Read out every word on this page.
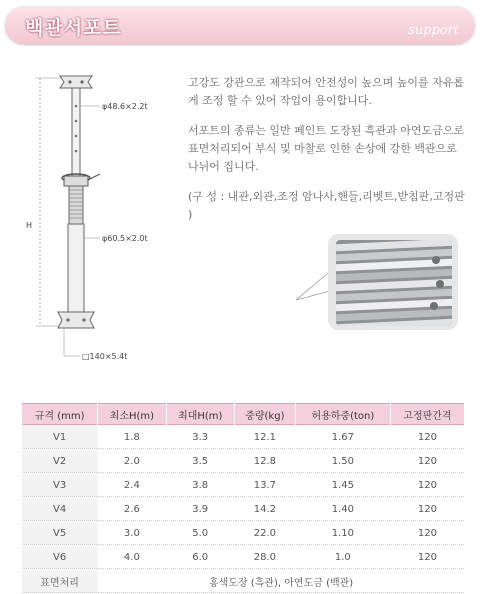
백관서포트	support
H
φ48.6×2.2t
φ60.5×2.0t
□140×5.4t

고강도 강관으로 제작되어 안전성이 높으며 높이를 자유롭게 조정 할 수 있어 작업이 용이합니다.

서포트의 종류는 일반 페인트 도장된 흑관과 아연도금으로 표면처리되어 부식 및 마찰로 인한 손상에 강한 백관으로 나뉘어 집니다.

(구 성 : 내관,외관,조정 암나사,핸들,리벳트,받침판,고정판 )

규격 (mm)	최소H(m)	최대H(m)	중량(kg)	허용하중(ton)	고정판간격
V1	1.8	3.3	12.1	1.67	120
V2	2.0	3.5	12.8	1.50	120
V3	2.4	3.8	13.7	1.45	120
V4	2.6	3.9	14.2	1.40	120
V5	3.0	5.0	22.0	1.10	120
V6	4.0	6.0	28.0	1.0	120
표면처리	홍색도장 (흑관), 아연도금 (백관)				
